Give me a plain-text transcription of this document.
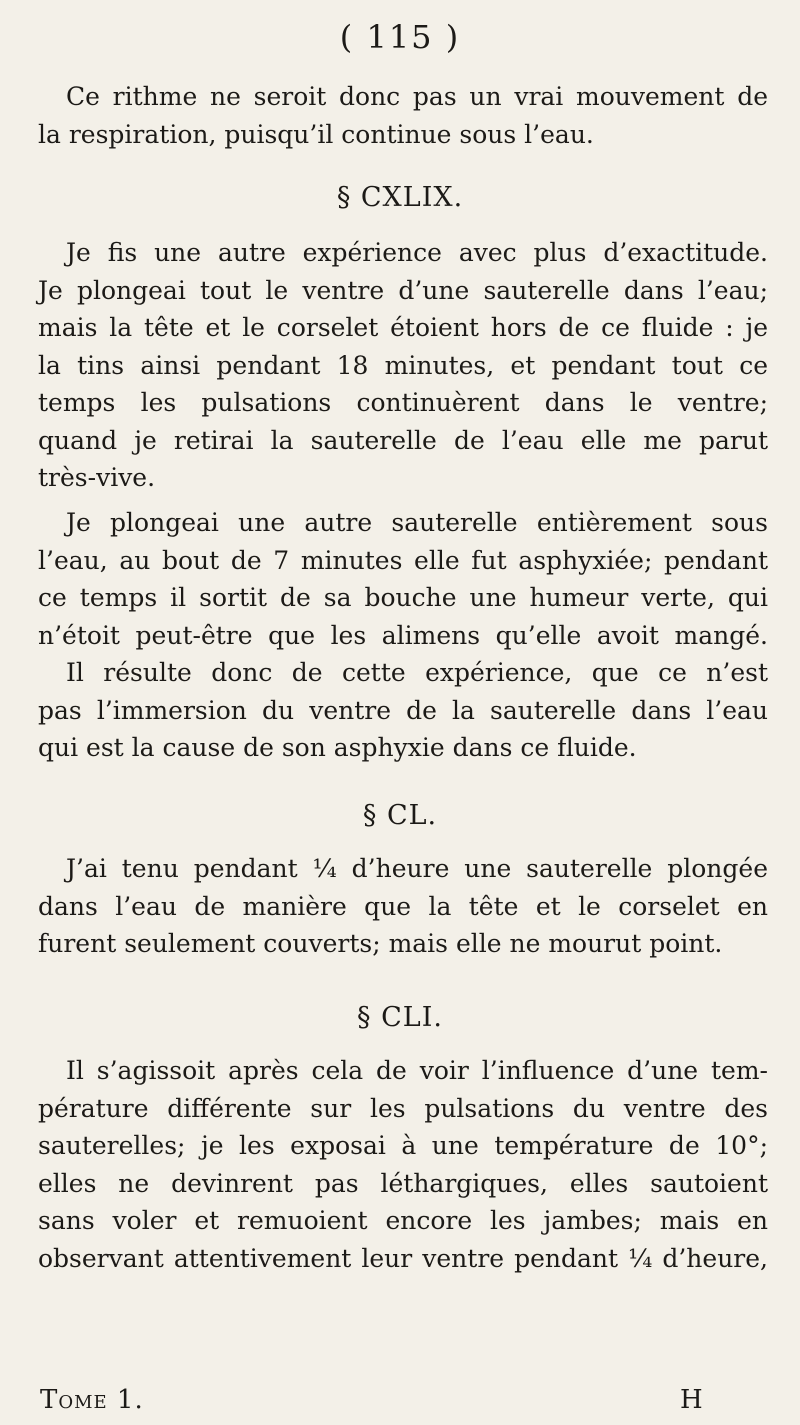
( 115 )
Ce rithme ne seroit donc pas un vrai mouvement de
la respiration, puisqu’il continue sous l’eau.
§ CXLIX.
Je fis une autre expérience avec plus d’exactitude.
Je plongeai tout le ventre d’une sauterelle dans l’eau;
mais la tête et le corselet étoient hors de ce fluide : je
la tins ainsi pendant 18 minutes, et pendant tout ce
temps les pulsations continuèrent dans le ventre;
quand je retirai la sauterelle de l’eau elle me parut
très-vive.
Je plongeai une autre sauterelle entièrement sous
l’eau, au bout de 7 minutes elle fut asphyxiée; pendant
ce temps il sortit de sa bouche une humeur verte, qui
n’étoit peut-être que les alimens qu’elle avoit mangé.
Il résulte donc de cette expérience, que ce n’est
pas l’immersion du ventre de la sauterelle dans l’eau
qui est la cause de son asphyxie dans ce fluide.
§ CL.
J’ai tenu pendant ¼ d’heure une sauterelle plongée
dans l’eau de manière que la tête et le corselet en
furent seulement couverts; mais elle ne mourut point.
§ CLI.
Il s’agissoit après cela de voir l’influence d’une tem-
pérature différente sur les pulsations du ventre des
sauterelles; je les exposai à une température de 10°;
elles ne devinrent pas léthargiques, elles sautoient
sans voler et remuoient encore les jambes; mais en
observant attentivement leur ventre pendant ¼ d’heure,
Tome 1.	H
